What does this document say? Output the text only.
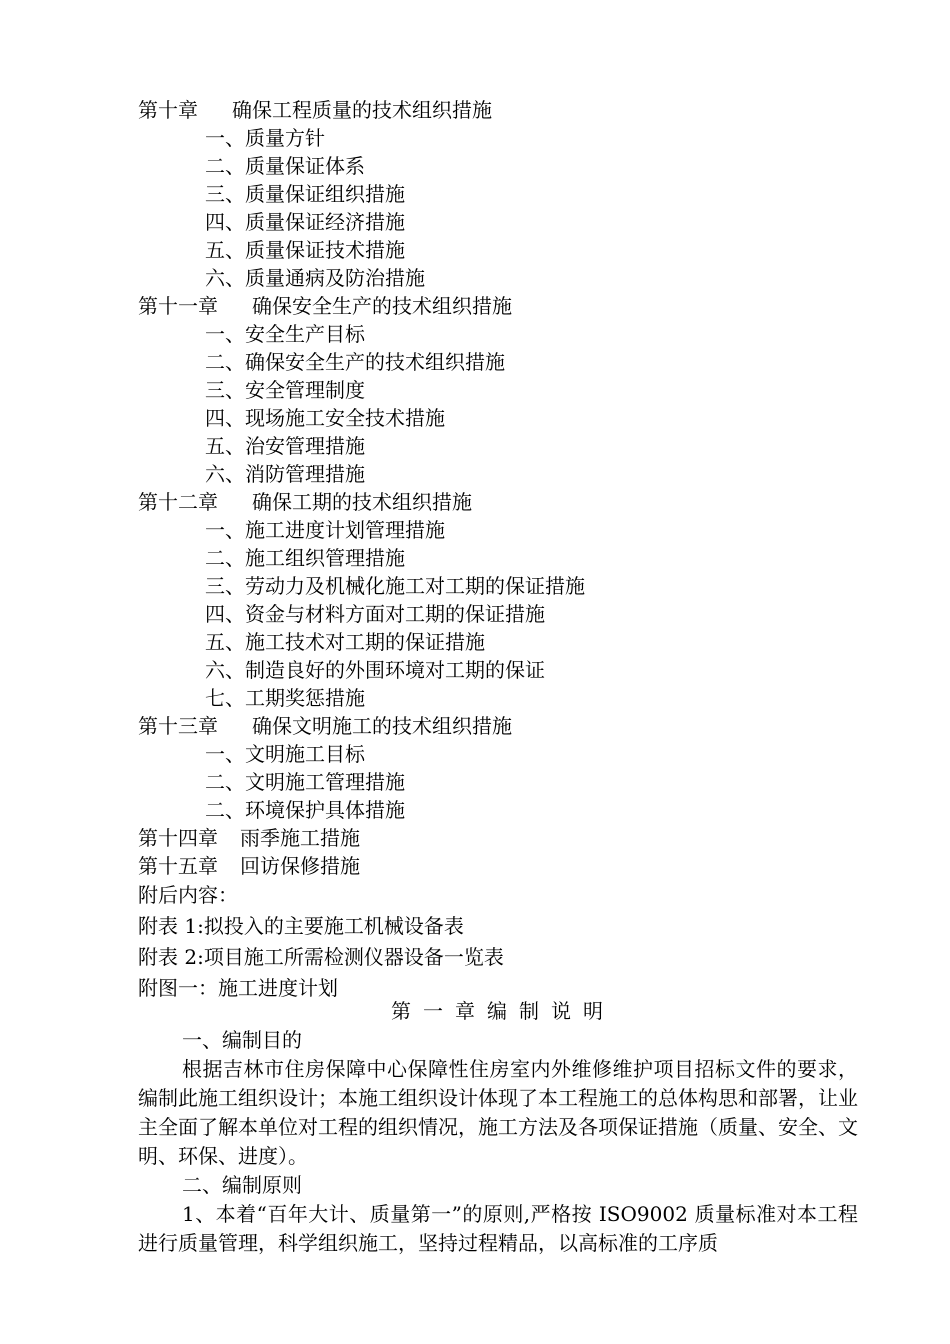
第十章 确保工程质量的技术组织措施
一、质量方针
二、质量保证体系
三、质量保证组织措施
四、质量保证经济措施
五、质量保证技术措施
六、质量通病及防治措施
第十一章 确保安全生产的技术组织措施
一、安全生产目标
二、确保安全生产的技术组织措施
三、安全管理制度
四、现场施工安全技术措施
五、治安管理措施
六、消防管理措施
第十二章 确保工期的技术组织措施
一、施工进度计划管理措施
二、施工组织管理措施
三、劳动力及机械化施工对工期的保证措施
四、资金与材料方面对工期的保证措施
五、施工技术对工期的保证措施
六、制造良好的外围环境对工期的保证
七、工期奖惩措施
第十三章 确保文明施工的技术组织措施
一、文明施工目标
二、文明施工管理措施
二、环境保护具体措施
第十四章 雨季施工措施
第十五章 回访保修措施
附后内容：
附表 1:拟投入的主要施工机械设备表
附表 2:项目施工所需检测仪器设备一览表
附图一：施工进度计划
第一章编制说明
一、编制目的
根据吉林市住房保障中心保障性住房室内外维修维护项目招标文件的要求，编制此施工组织设计；本施工组织设计体现了本工程施工的总体构思和部署，让业主全面了解本单位对工程的组织情况，施工方法及各项保证措施（质量、安全、文明、环保、进度）。
二、编制原则
1、本着“百年大计、质量第一”的原则,严格按 ISO9002 质量标准对本工程进行质量管理，科学组织施工，坚持过程精品，以高标准的工序质
